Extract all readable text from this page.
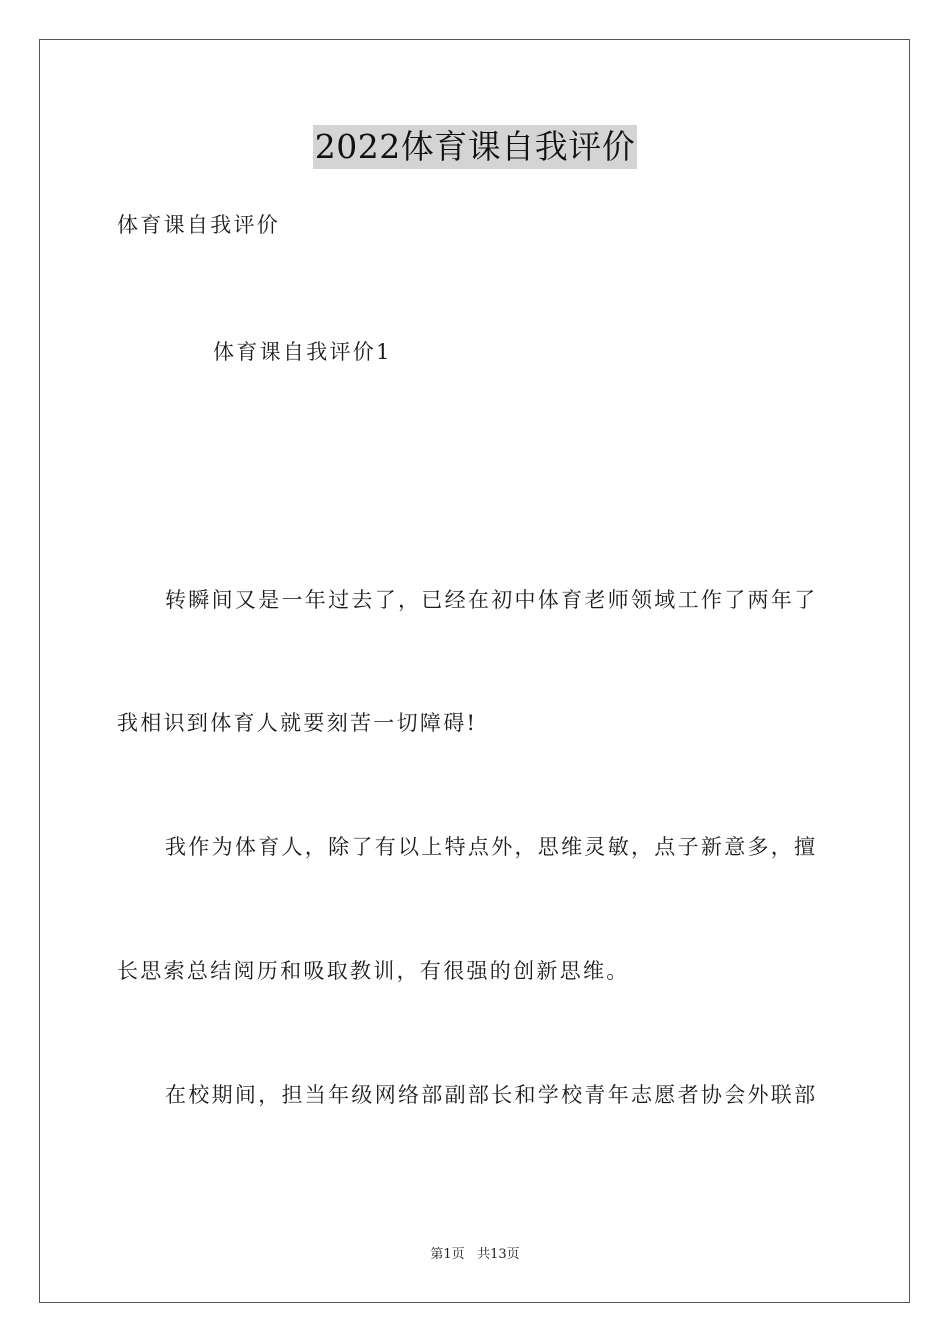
2022体育课自我评价
体育课自我评价
体育课自我评价1
转瞬间又是一年过去了，已经在初中体育老师领域工作了两年了
我相识到体育人就要刻苦一切障碍!
我作为体育人，除了有以上特点外，思维灵敏，点子新意多，擅
长思索总结阅历和吸取教训，有很强的创新思维。
在校期间，担当年级网络部副部长和学校青年志愿者协会外联部
第1页 共13页
